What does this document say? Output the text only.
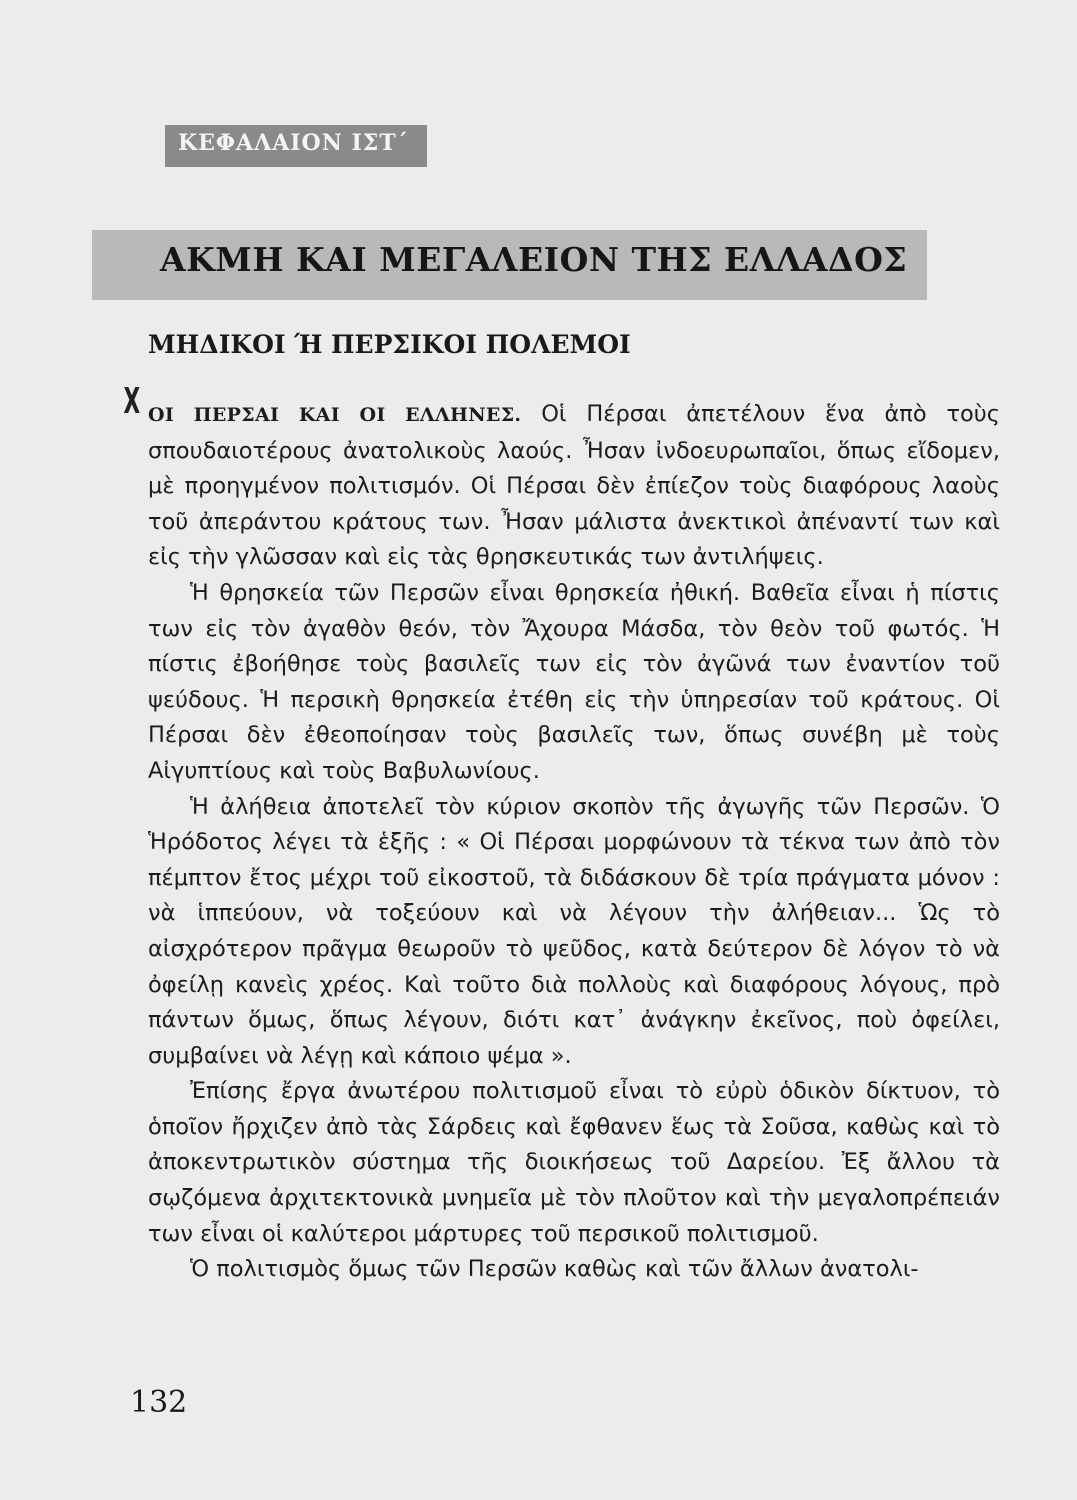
ΚΕΦΑΛΑΙΟΝ ΙΣΤ΄
ΑΚΜΗ ΚΑΙ ΜΕΓΑΛΕΙΟΝ ΤΗΣ ΕΛΛΑΔΟΣ
ΜΗΔΙΚΟΙ Ή ΠΕΡΣΙΚΟΙ ΠΟΛΕΜΟΙ
X ΟΙ ΠΕΡΣΑΙ ΚΑΙ ΟΙ ΕΛΛΗΝΕΣ. Οἱ Πέρσαι ἀπετέλουν ἕνα ἀπὸ τοὺς σπουδαιοτέρους ἀνατολικοὺς λαούς. Ἦσαν ἰνδοευρωπαῖοι, ὅπως εἴδομεν, μὲ προηγμένον πολιτισμόν. Οἱ Πέρσαι δὲν ἐπίεζον τοὺς διαφόρους λαοὺς τοῦ ἀπεράντου κράτους των. Ἦσαν μάλιστα ἀνεκτικοὶ ἀπέναντί των καὶ εἰς τὴν γλῶσσαν καὶ εἰς τὰς θρησκευτικάς των ἀντιλήψεις.

Ἡ θρησκεία τῶν Περσῶν εἶναι θρησκεία ἠθική. Βαθεῖα εἶναι ἡ πίστις των εἰς τὸν ἀγαθὸν θεόν, τὸν Ἄχουρα Μάσδα, τὸν θεὸν τοῦ φωτός. Ἡ πίστις ἐβοήθησε τοὺς βασιλεῖς των εἰς τὸν ἀγῶνά των ἐναντίον τοῦ ψεύδους. Ἡ περσικὴ θρησκεία ἐτέθη εἰς τὴν ὑπηρεσίαν τοῦ κράτους. Οἱ Πέρσαι δὲν ἐθεοποίησαν τοὺς βασιλεῖς των, ὅπως συνέβη μὲ τοὺς Αἰγυπτίους καὶ τοὺς Βαβυλωνίους.

Ἡ ἀλήθεια ἀποτελεῖ τὸν κύριον σκοπὸν τῆς ἀγωγῆς τῶν Περσῶν. Ὁ Ἡρόδοτος λέγει τὰ ἑξῆς : « Οἱ Πέρσαι μορφώνουν τὰ τέκνα των ἀπὸ τὸν πέμπτον ἔτος μέχρι τοῦ εἰκοστοῦ, τὰ διδάσκουν δὲ τρία πράγματα μόνον : νὰ ἱππεύουν, νὰ τοξεύουν καὶ νὰ λέγουν τὴν ἀλήθειαν... Ὡς τὸ αἰσχρότερον πρᾶγμα θεωροῦν τὸ ψεῦδος, κατὰ δεύτερον δὲ λόγον τὸ νὰ ὀφείλῃ κανεὶς χρέος. Καὶ τοῦτο διὰ πολλοὺς καὶ διαφόρους λόγους, πρὸ πάντων ὅμως, ὅπως λέγουν, διότι κατ᾽ ἀνάγκην ἐκεῖνος, ποὺ ὀφείλει, συμβαίνει νὰ λέγῃ καὶ κάποιο ψέμα ».

Ἐπίσης ἔργα ἀνωτέρου πολιτισμοῦ εἶναι τὸ εὐρὺ ὁδικὸν δίκτυον, τὸ ὁποῖον ἤρχιζεν ἀπὸ τὰς Σάρδεις καὶ ἔφθανεν ἕως τὰ Σοῦσα, καθὼς καὶ τὸ ἀποκεντρωτικὸν σύστημα τῆς διοικήσεως τοῦ Δαρείου. Ἐξ ἄλλου τὰ σῳζόμενα ἀρχιτεκτονικὰ μνημεῖα μὲ τὸν πλοῦτον καὶ τὴν μεγαλοπρέπειάν των εἶναι οἱ καλύτεροι μάρτυρες τοῦ περσικοῦ πολιτισμοῦ.

Ὁ πολιτισμὸς ὅμως τῶν Περσῶν καθὼς καὶ τῶν ἄλλων ἀνατολι-

132
